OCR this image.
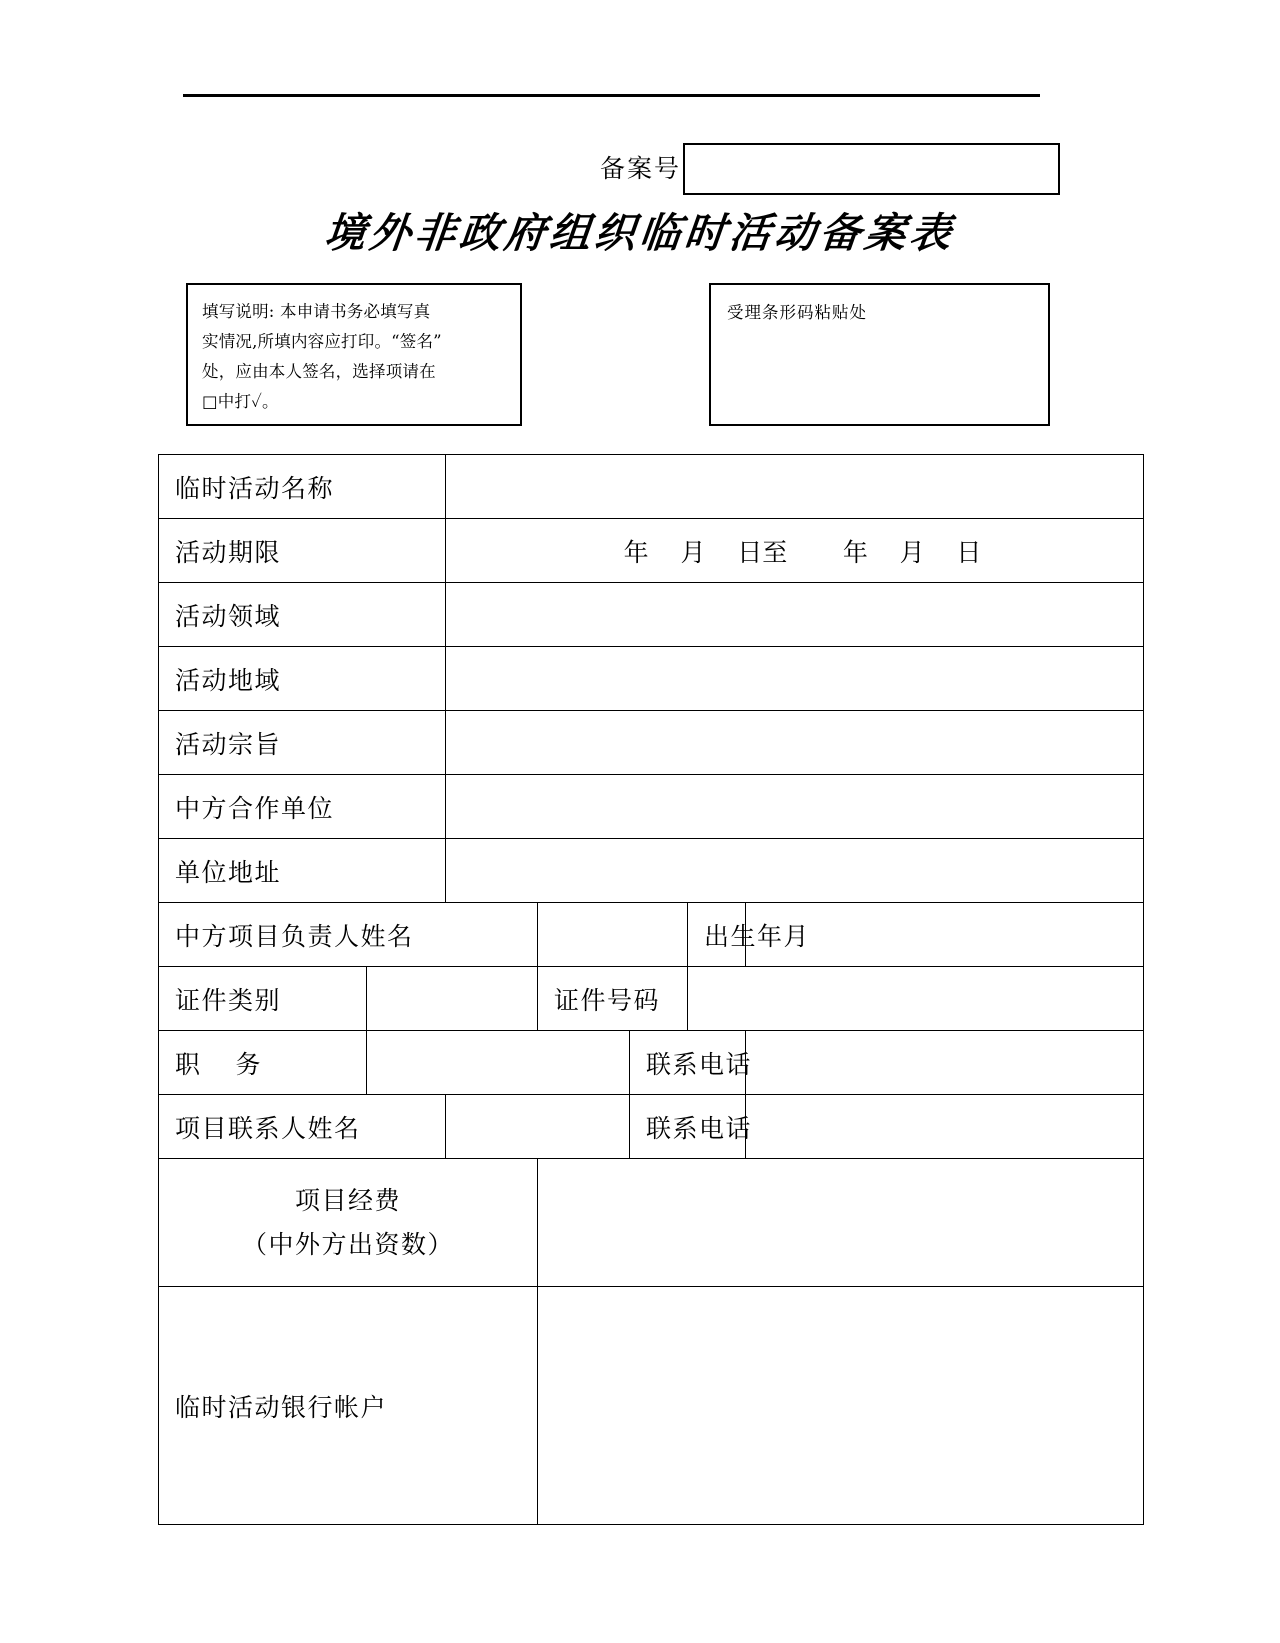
备案号
境外非政府组织临时活动备案表

填写说明: 本申请书务必填写真

实情况,所填内容应打印。“签名”

处，应由本人签名，选择项请在

□中打✓。

受理条形码粘贴处
临时活动名称						
活动期限		年    月    日至       年    月    日				
活动领域						
活动地域						
活动宗旨						
中方合作单位						
单位地址						
中方项目负责人姓名					出生年月	
证件类别			证件号码			
职 务				联系电话		
项目联系人姓名				联系电话		

项目经费
（中外方出资数）						

临时活动银行帐户						
